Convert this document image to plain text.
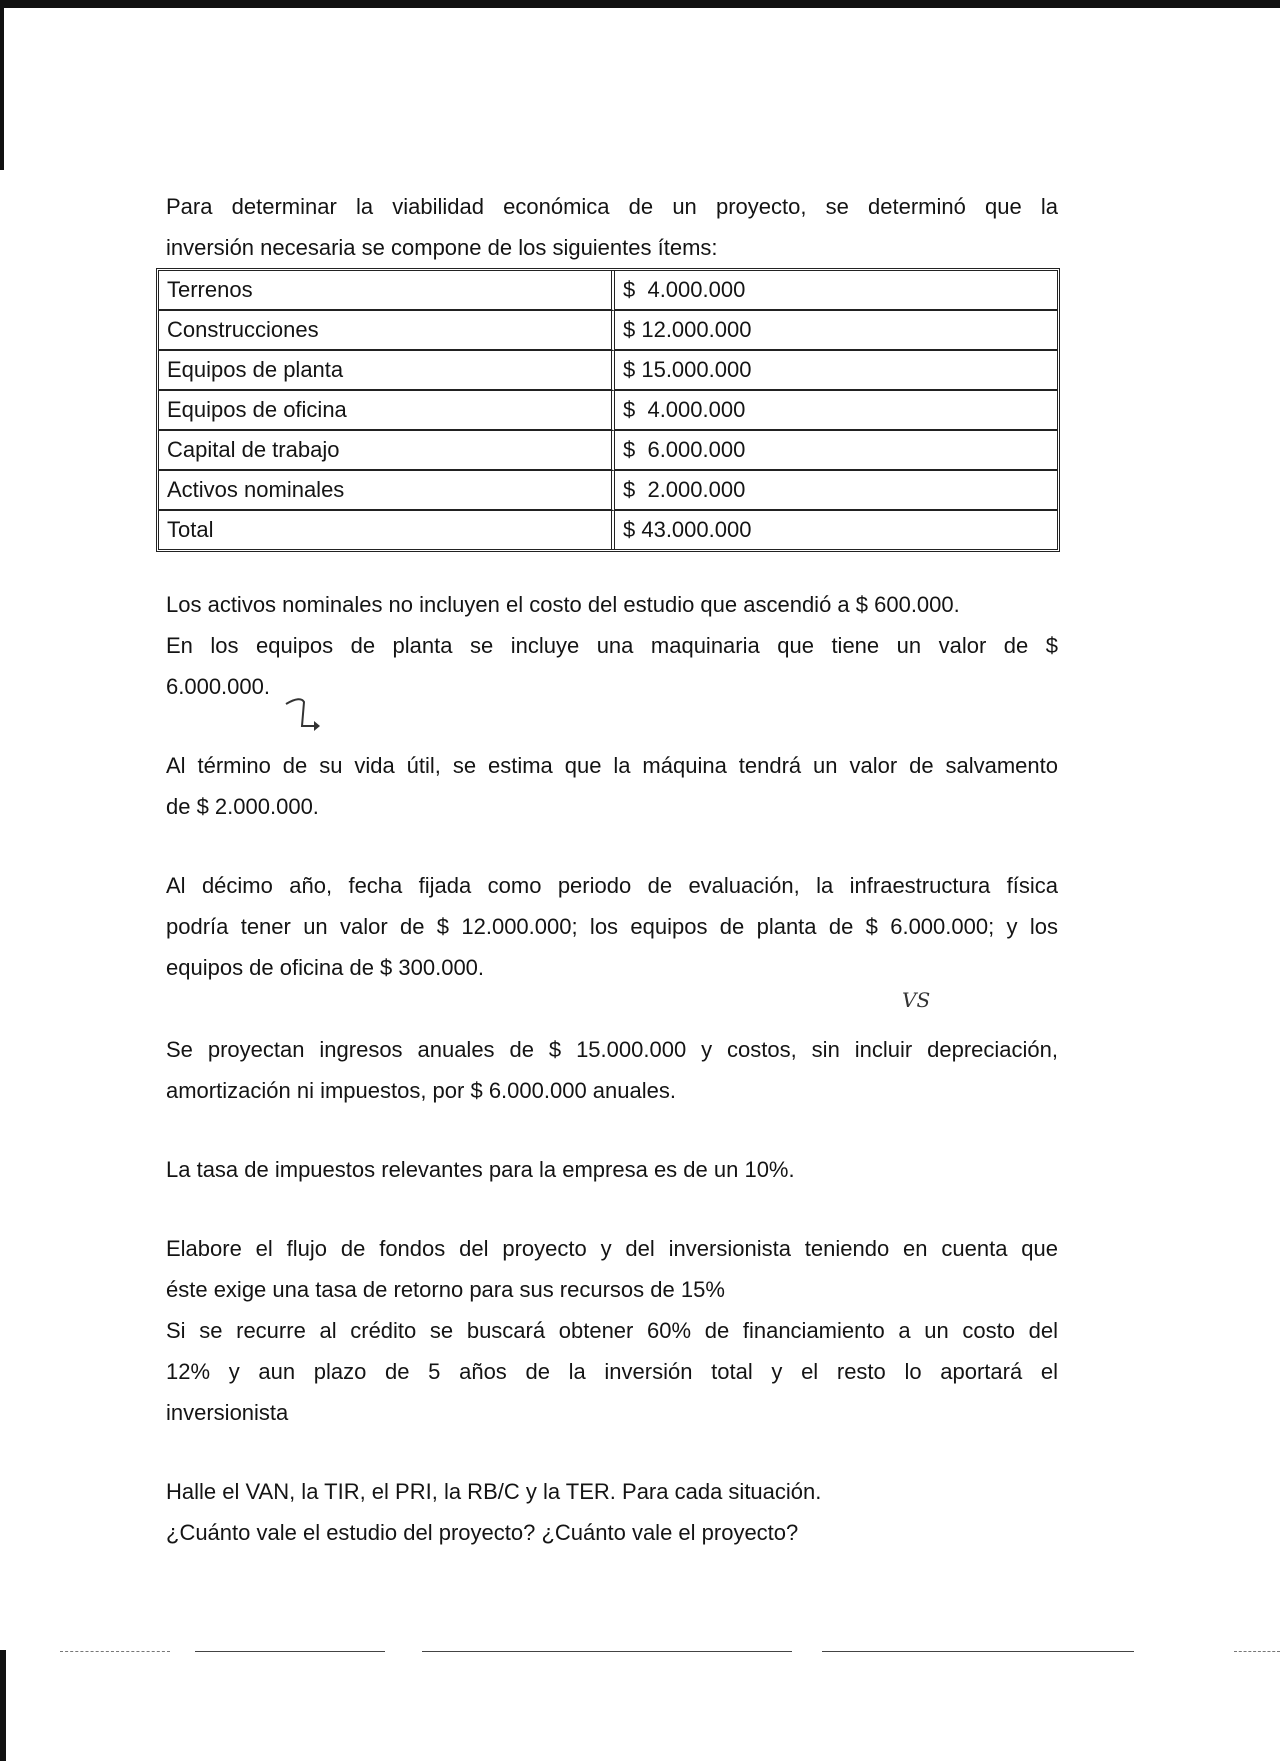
Para determinar la viabilidad económica de un proyecto, se determinó que la

inversión necesaria se compone de los siguientes ítems:

Terrenos	$  4.000.000
Construcciones	$ 12.000.000
Equipos de planta	$ 15.000.000
Equipos de oficina	$  4.000.000
Capital de trabajo	$  6.000.000
Activos nominales	$  2.000.000
Total	$ 43.000.000

Los activos nominales no incluyen el costo del estudio que ascendió a $ 600.000.

En los equipos de planta se incluye una maquinaria que tiene un valor de $

6.000.000.

Al término de su vida útil, se estima que la máquina tendrá un valor de salvamento

de $ 2.000.000.

Al décimo año, fecha fijada como periodo de evaluación, la infraestructura física

podría tener un valor de $ 12.000.000; los equipos de planta de $ 6.000.000; y los

equipos de oficina de $ 300.000.

Se proyectan ingresos anuales de $ 15.000.000 y costos, sin incluir depreciación,

amortización ni impuestos, por $ 6.000.000 anuales.

La tasa de impuestos relevantes para la empresa es de un 10%.

Elabore el flujo de fondos del proyecto y del inversionista teniendo en cuenta que

éste exige una tasa de retorno para sus recursos de 15%

Si se recurre al crédito se buscará obtener 60% de financiamiento a un costo del

12% y aun plazo de 5 años de la inversión total y el resto lo aportará el

inversionista

Halle el VAN, la TIR, el PRI, la RB/C y la TER. Para cada situación.

¿Cuánto vale el estudio del proyecto? ¿Cuánto vale el proyecto?

VS
